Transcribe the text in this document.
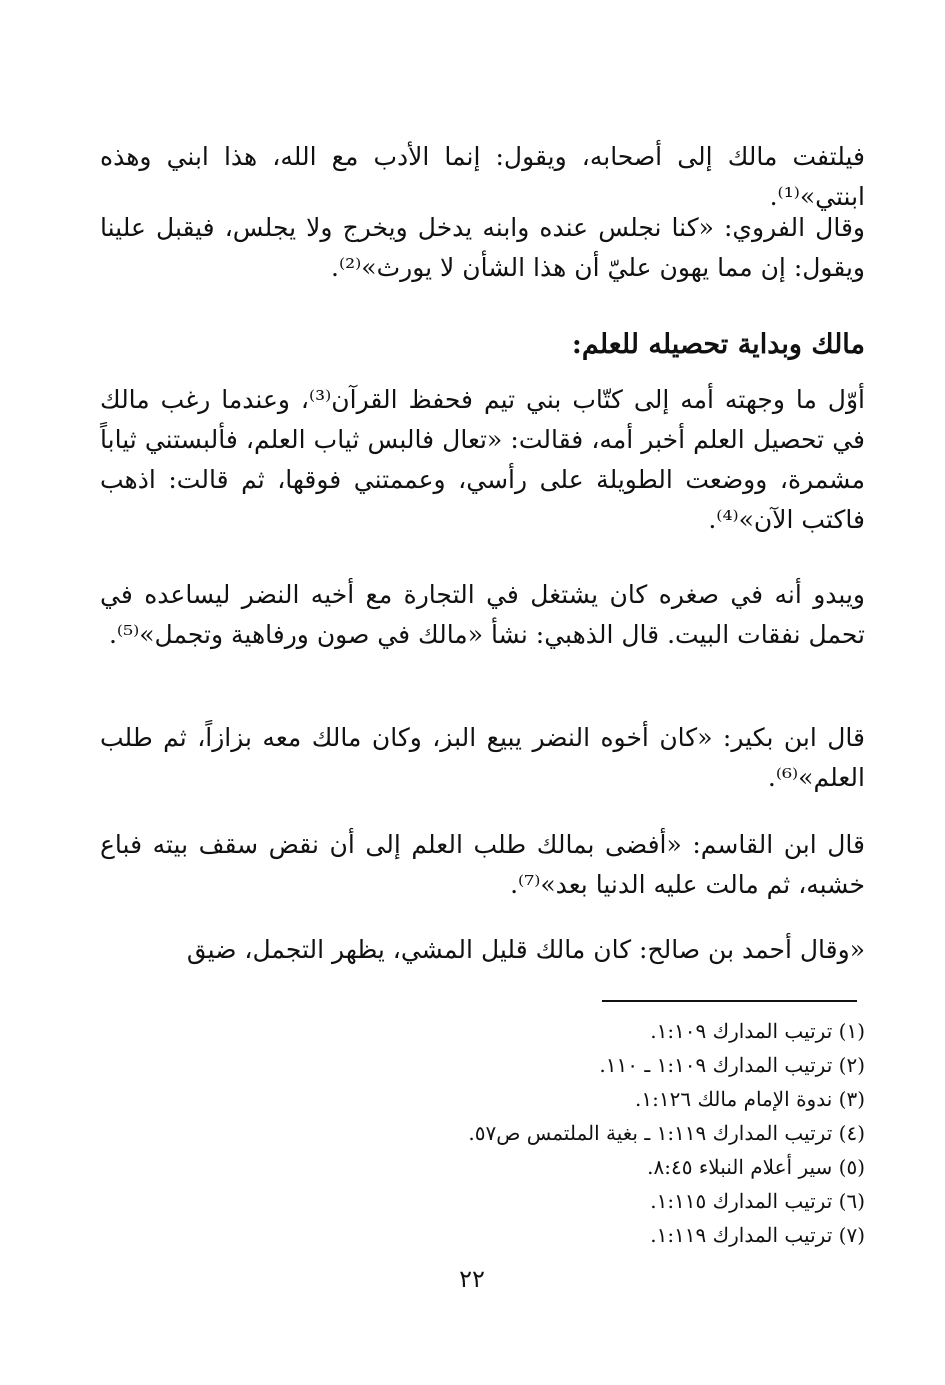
فيلتفت مالك إلى أصحابه، ويقول: إنما الأدب مع الله، هذا ابني وهذه ابنتي»⁽¹⁾.

وقال الفروي: «كنا نجلس عنده وابنه يدخل ويخرج ولا يجلس، فيقبل علينا ويقول: إن مما يهون عليّ أن هذا الشأن لا يورث»⁽²⁾.

مالك وبداية تحصيله للعلم:

أوّل ما وجهته أمه إلى كتّاب بني تيم فحفظ القرآن⁽³⁾، وعندما رغب مالك في تحصيل العلم أخبر أمه، فقالت: «تعال فالبس ثياب العلم، فألبستني ثياباً مشمرة، ووضعت الطويلة على رأسي، وعممتني فوقها، ثم قالت: اذهب فاكتب الآن»⁽⁴⁾.

ويبدو أنه في صغره كان يشتغل في التجارة مع أخيه النضر ليساعده في تحمل نفقات البيت. قال الذهبي: نشأ «مالك في صون ورفاهية وتجمل»⁽⁵⁾.

قال ابن بكير: «كان أخوه النضر يبيع البز، وكان مالك معه بزازاً، ثم طلب العلم»⁽⁶⁾.

قال ابن القاسم: «أفضى بمالك طلب العلم إلى أن نقض سقف بيته فباع خشبه، ثم مالت عليه الدنيا بعد»⁽⁷⁾.

«وقال أحمد بن صالح: كان مالك قليل المشي، يظهر التجمل، ضيق

(١) ترتيب المدارك ١:١٠٩.
(٢) ترتيب المدارك ١:١٠٩ ـ ١١٠.
(٣) ندوة الإمام مالك ١:١٢٦.
(٤) ترتيب المدارك ١:١١٩ ـ بغية الملتمس ص٥٧.
(٥) سير أعلام النبلاء ٨:٤٥.
(٦) ترتيب المدارك ١:١١٥.
(٧) ترتيب المدارك ١:١١٩.
٢٢
